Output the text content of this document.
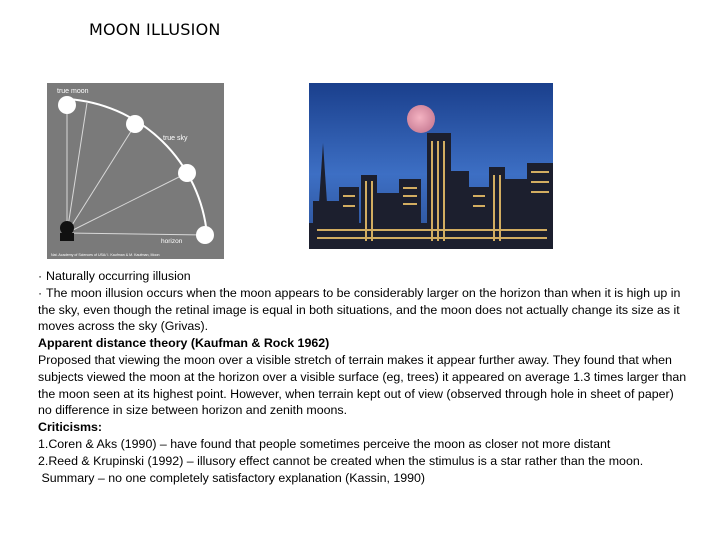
MOON ILLUSION
true moon
true sky
horizon
Nat. Academy of Sciences of USA/ I. Kaufman & M. Kaufman, Moon

· Naturally occurring illusion

· The moon illusion occurs when the moon appears to be considerably larger on the horizon than when it is high up in the sky, even though the retinal image is equal in both situations, and the moon does not actually change its size as it moves across the sky (Grivas).

Apparent distance theory (Kaufman & Rock 1962)

Proposed that viewing the moon over a visible stretch of terrain makes it appear further away. They found that when subjects viewed the moon at the horizon over a visible surface (eg, trees) it appeared on average 1.3 times larger than the moon seen at its highest point. However, when terrain kept out of view (observed through hole in sheet of paper) no difference in size between horizon and zenith moons.

Criticisms:

1.Coren & Aks (1990) – have found that people sometimes perceive the moon as closer not more distant

2.Reed & Krupinski (1992) – illusory effect cannot be created when the stimulus is a star rather than the moon.

Summary – no one completely satisfactory explanation (Kassin, 1990)
